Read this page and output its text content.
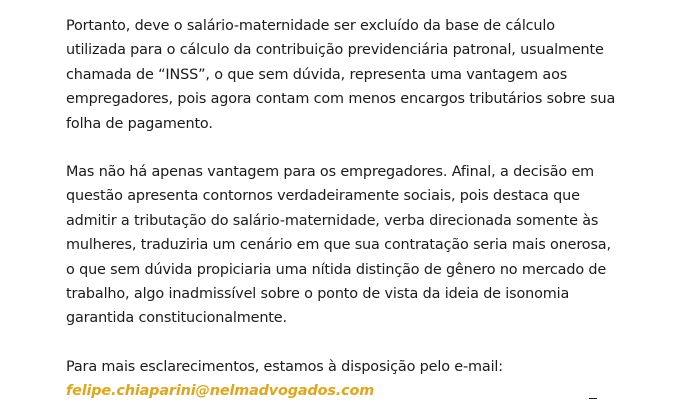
Portanto, deve o salário-maternidade ser excluído da base de cálculo
utilizada para o cálculo da contribuição previdenciária patronal, usualmente
chamada de “INSS”, o que sem dúvida, representa uma vantagem aos
empregadores, pois agora contam com menos encargos tributários sobre sua
folha de pagamento.

Mas não há apenas vantagem para os empregadores. Afinal, a decisão em
questão apresenta contornos verdadeiramente sociais, pois destaca que
admitir a tributação do salário-maternidade, verba direcionada somente às
mulheres, traduziria um cenário em que sua contratação seria mais onerosa,
o que sem dúvida propiciaria uma nítida distinção de gênero no mercado de
trabalho, algo inadmissível sobre o ponto de vista da ideia de isonomia
garantida constitucionalmente.

Para mais esclarecimentos, estamos à disposição pelo e-mail:
felipe.chiaparini@nelmadvogados.com
